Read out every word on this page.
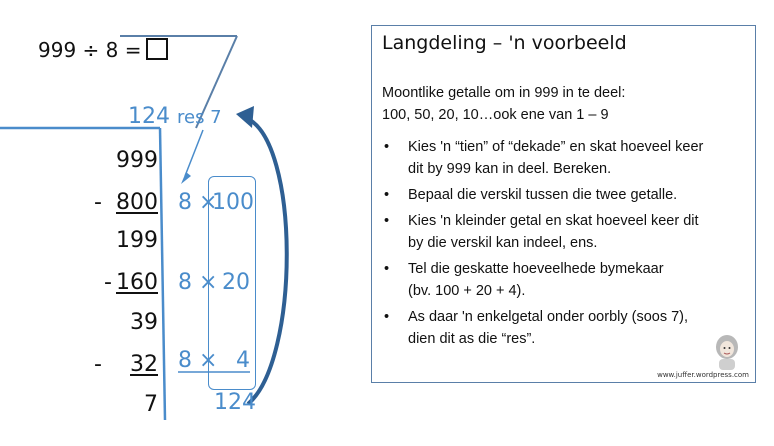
999 ÷ 8 =
124 res 7
999
- 800
199
- 160
39
-	32
7
8 ×
100
8 × 20
8 × 4
124
Langdeling – 'n voorbeeld
Moontlike getalle om in 999 in te deel:
100, 50, 20, 10…ook ene van 1 – 9
• Kies 'n “tien” of “dekade” en skat hoeveel keer
dit by 999 kan in deel. Bereken.
• Bepaal die verskil tussen die twee getalle.
• Kies 'n kleinder getal en skat hoeveel keer dit
by die verskil kan indeel, ens.
• Tel die geskatte hoeveelhede bymekaar
(bv. 100 + 20 + 4).
• As daar 'n enkelgetal onder oorbly (soos 7),
dien dit as die “res”.
www.juffer.wordpress.com
